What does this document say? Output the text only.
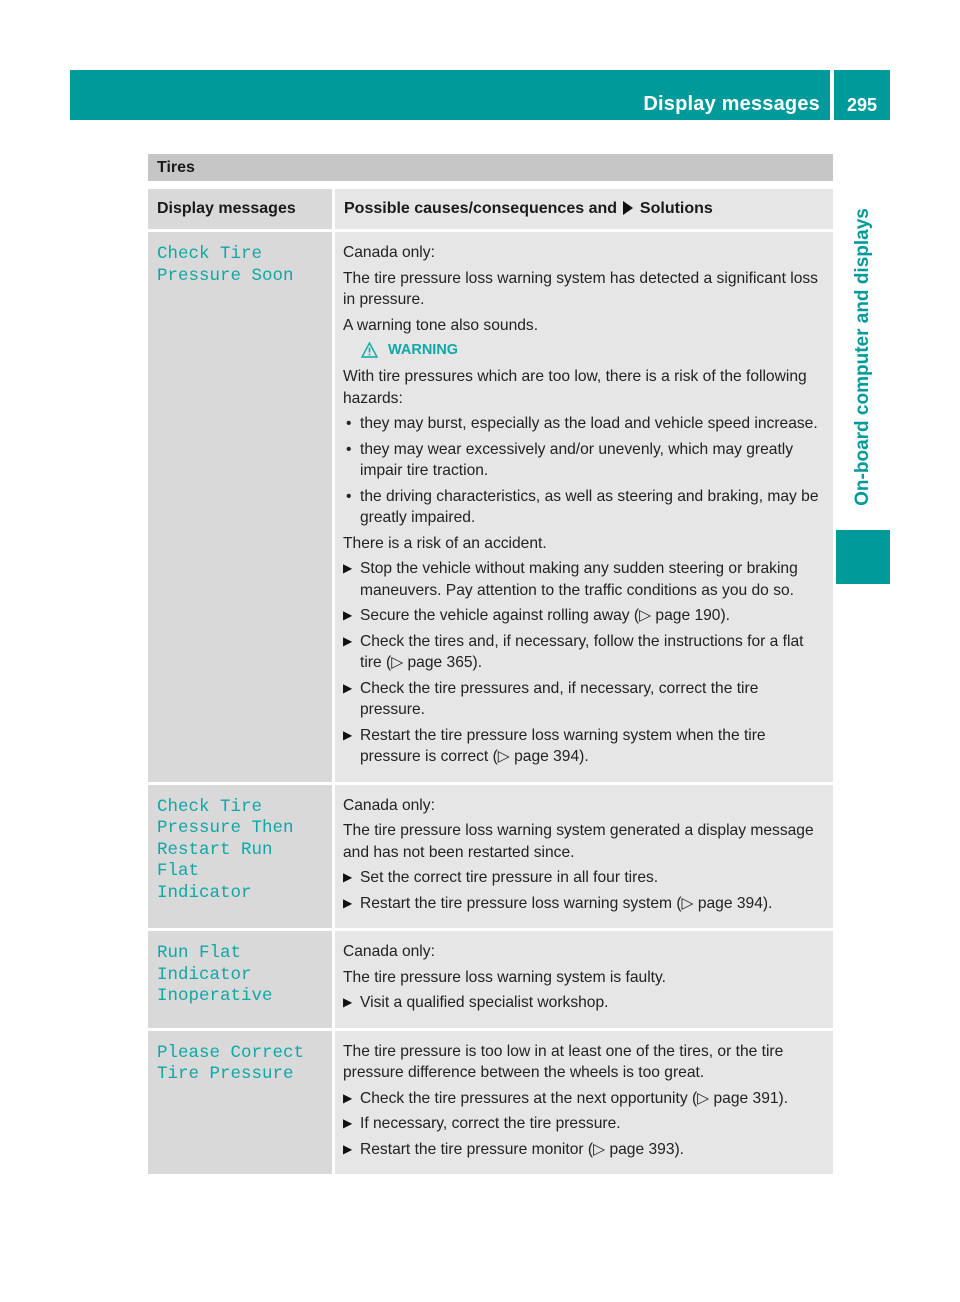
Display messages	295
On-board computer and displays
Tires
Display messages	Possible causes/consequences and Solutions
Check Tire
Pressure Soon

Canada only:

The tire pressure loss warning system has detected a significant loss in pressure.

A warning tone also sounds.

WARNING

With tire pressures which are too low, there is a risk of the following hazards:

• they may burst, especially as the load and vehicle speed increase.
• they may wear excessively and/or unevenly, which may greatly impair tire traction.
• the driving characteristics, as well as steering and braking, may be greatly impaired.

There is a risk of an accident.

▶ Stop the vehicle without making any sudden steering or braking maneuvers. Pay attention to the traffic conditions as you do so.
▶ Secure the vehicle against rolling away (▷ page 190).
▶ Check the tires and, if necessary, follow the instructions for a flat tire (▷ page 365).
▶ Check the tire pressures and, if necessary, correct the tire pressure.
▶ Restart the tire pressure loss warning system when the tire pressure is correct (▷ page 394).
Check Tire
Pressure Then
Restart Run Flat
Indicator

Canada only:

The tire pressure loss warning system generated a display message and has not been restarted since.

▶ Set the correct tire pressure in all four tires.
▶ Restart the tire pressure loss warning system (▷ page 394).
Run Flat Indicator
Inoperative

Canada only:

The tire pressure loss warning system is faulty.

▶ Visit a qualified specialist workshop.
Please Correct
Tire Pressure

The tire pressure is too low in at least one of the tires, or the tire pressure difference between the wheels is too great.

▶ Check the tire pressures at the next opportunity (▷ page 391).
▶ If necessary, correct the tire pressure.
▶ Restart the tire pressure monitor (▷ page 393).
